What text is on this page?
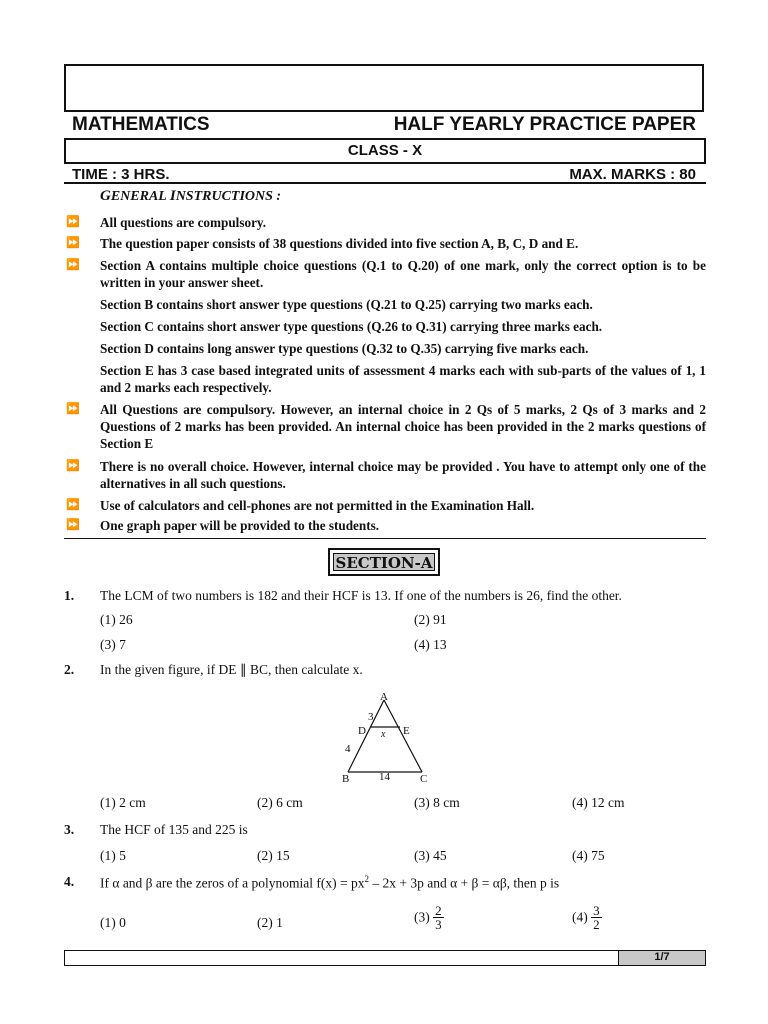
MATHEMATICS	HALF YEARLY PRACTICE PAPER
CLASS - X
TIME : 3 HRS.	MAX. MARKS : 80
GENERAL INSTRUCTIONS :
⏩ All questions are compulsory.
⏩ The question paper consists of 38 questions divided into five section A, B, C, D and E.
⏩ Section A contains multiple choice questions (Q.1 to Q.20) of one mark, only the correct option is to be written in your answer sheet.
Section B contains short answer type questions (Q.21 to Q.25) carrying two marks each.
Section C contains short answer type questions (Q.26 to Q.31) carrying three marks each.
Section D contains long answer type questions (Q.32 to Q.35) carrying five marks each.
Section E has 3 case based integrated units of assessment 4 marks each with sub-parts of the values of 1, 1 and 2 marks each respectively.
⏩ All Questions are compulsory. However, an internal choice in 2 Qs of 5 marks, 2 Qs of 3 marks and 2 Questions of 2 marks has been provided. An internal choice has been provided in the 2 marks questions of Section E
⏩ There is no overall choice. However, internal choice may be provided . You have to attempt only one of the alternatives in all such questions.
⏩ Use of calculators and cell-phones are not permitted in the Examination Hall.
⏩ One graph paper will be provided to the students.
SECTION-A
1. The LCM of two numbers is 182 and their HCF is 13. If one of the numbers is 26, find the other.
(1) 26	(2) 91
(3) 7	(4) 13
2. In the given figure, if DE ∥ BC, then calculate x.
A
B	C
D	E
3
4
x
14
(1) 2 cm	(2) 6 cm	(3) 8 cm	(4) 12 cm
3. The HCF of 135 and 225 is
(1) 5	(2) 15	(3) 45	(4) 75
4. If α and β are the zeros of a polynomial $f(x) = px^2 - 2x + 3p$ and α + β = αβ, then p is
(1) 0	(2) 1	$(3) \frac{2}{3}$	$(4) \frac{3}{2}$
1/7
